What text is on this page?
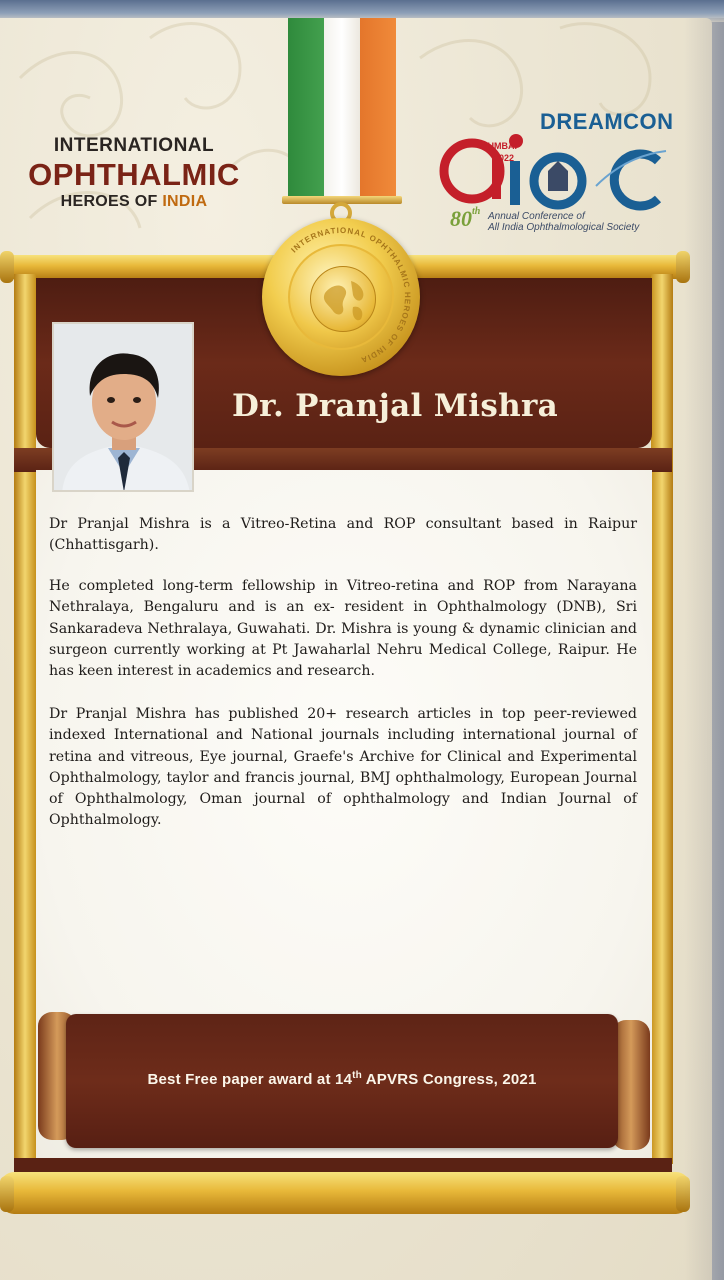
INTERNATIONAL
OPHTHALMIC
HEROES OF INDIA
DREAMCON
MUMBAI
2022
80th Annual Conference of
All India Ophthalmological Society
INTERNATIONAL OPHTHALMIC HEROES OF INDIA
Dr. Pranjal Mishra

Dr Pranjal Mishra is a Vitreo-Retina and ROP consultant based in Raipur (Chhattisgarh).

He completed long-term fellowship in Vitreo-retina and ROP from Narayana Nethralaya, Bengaluru and is an ex- resident in Ophthalmology (DNB), Sri Sankaradeva Nethralaya, Guwahati. Dr. Mishra is young & dynamic clinician and surgeon currently working at Pt Jawaharlal Nehru Medical College, Raipur. He has keen interest in academics and research.

Dr Pranjal Mishra has published 20+ research articles in top peer-reviewed indexed International and National journals including international journal of retina and vitreous, Eye journal, Graefe's Archive for Clinical and Experimental Ophthalmology, taylor and francis journal, BMJ ophthalmology, European Journal of Ophthalmology, Oman journal of ophthalmology and Indian Journal of Ophthalmology.

Best Free paper award at 14th APVRS Congress, 2021
